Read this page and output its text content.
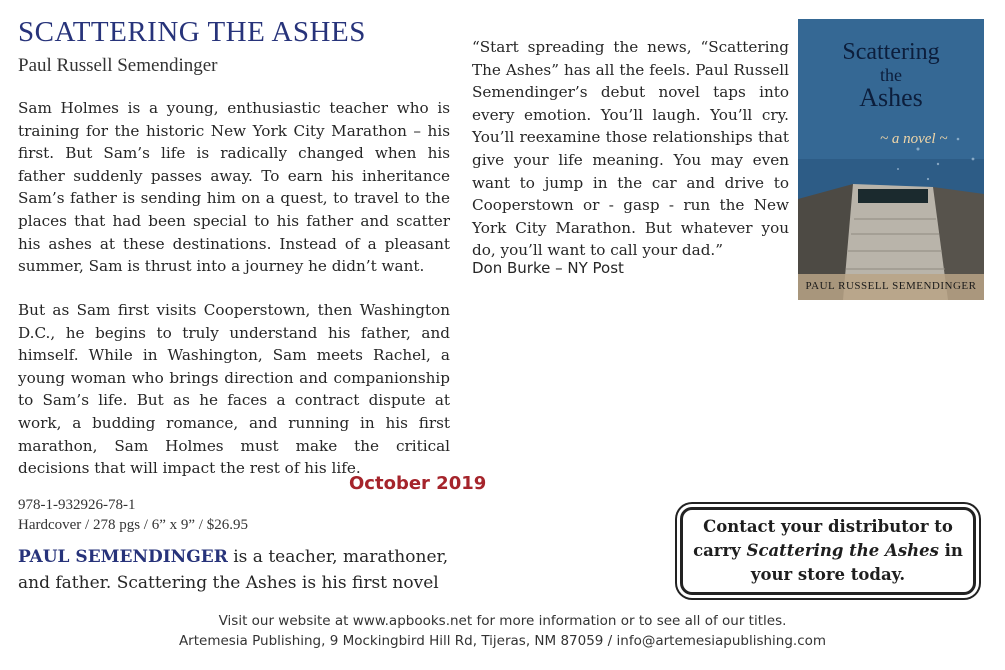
SCATTERING THE ASHES
Paul Russell Semendinger

Sam Holmes is a young, enthusiastic teacher who is training for the historic New York City Marathon – his first. But Sam’s life is radically changed when his father suddenly passes away. To earn his inheritance Sam’s father is sending him on a quest, to travel to the places that had been special to his father and scatter his ashes at these destinations. Instead of a pleasant summer, Sam is thrust into a journey he didn’t want.

But as Sam first visits Cooperstown, then Washington D.C., he begins to truly understand his father, and himself. While in Washington, Sam meets Rachel, a young woman who brings direction and companionship to Sam’s life. But as he faces a contract dispute at work, a budding romance, and running in his first marathon, Sam Holmes must make the critical decisions that will impact the rest of his life.

“Start spreading the news, “Scattering The Ashes” has all the feels. Paul Russell Semendinger’s debut novel taps into every emotion. You’ll laugh. You’ll cry. You’ll reexamine those relationships that give your life meaning. You may even want to jump in the car and drive to Cooperstown or - gasp - run the New York City Marathon. But whatever you do, you’ll want to call your dad.”

Don Burke – NY Post
Scattering
the
Ashes
~ a novel ~
PAUL RUSSELL SEMENDINGER
October 2019
978-1-932926-78-1
Hardcover / 278 pgs / 6” x 9” / $26.95

PAUL SEMENDINGER is a teacher, marathoner, and father. Scattering the Ashes is his first novel

Contact your distributor to carry Scattering the Ashes in your store today.
Visit our website at www.apbooks.net for more information or to see all of our titles.
Artemesia Publishing, 9 Mockingbird Hill Rd, Tijeras, NM 87059 / info@artemesiapublishing.com
